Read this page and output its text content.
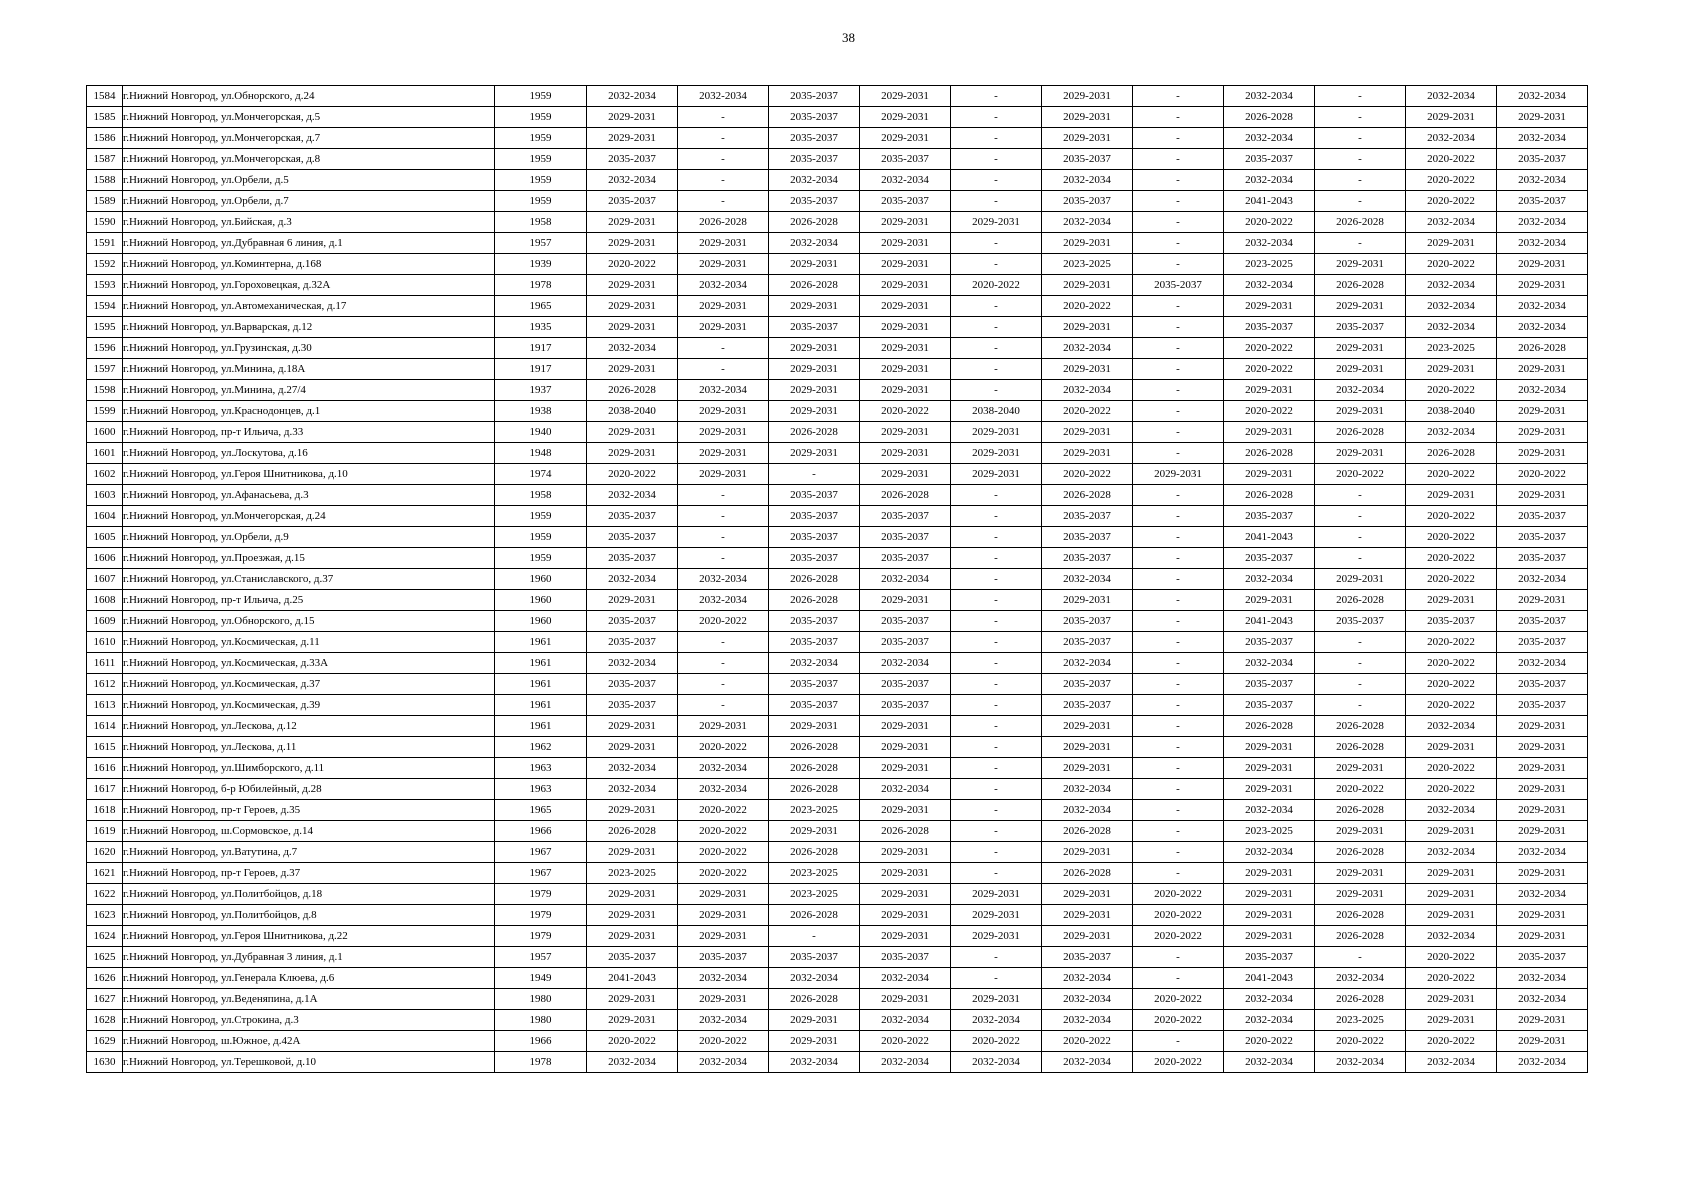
38
1584	г.Нижний Новгород, ул.Обнорского, д.24	1959	2032-2034	2032-2034	2035-2037	2029-2031	-	2029-2031	-	2032-2034	-	2032-2034	2032-2034
1585	г.Нижний Новгород, ул.Мончегорская, д.5	1959	2029-2031	-	2035-2037	2029-2031	-	2029-2031	-	2026-2028	-	2029-2031	2029-2031
1586	г.Нижний Новгород, ул.Мончегорская, д.7	1959	2029-2031	-	2035-2037	2029-2031	-	2029-2031	-	2032-2034	-	2032-2034	2032-2034
1587	г.Нижний Новгород, ул.Мончегорская, д.8	1959	2035-2037	-	2035-2037	2035-2037	-	2035-2037	-	2035-2037	-	2020-2022	2035-2037
1588	г.Нижний Новгород, ул.Орбели, д.5	1959	2032-2034	-	2032-2034	2032-2034	-	2032-2034	-	2032-2034	-	2020-2022	2032-2034
1589	г.Нижний Новгород, ул.Орбели, д.7	1959	2035-2037	-	2035-2037	2035-2037	-	2035-2037	-	2041-2043	-	2020-2022	2035-2037
1590	г.Нижний Новгород, ул.Бийская, д.3	1958	2029-2031	2026-2028	2026-2028	2029-2031	2029-2031	2032-2034	-	2020-2022	2026-2028	2032-2034	2032-2034
1591	г.Нижний Новгород, ул.Дубравная 6 линия, д.1	1957	2029-2031	2029-2031	2032-2034	2029-2031	-	2029-2031	-	2032-2034	-	2029-2031	2032-2034
1592	г.Нижний Новгород, ул.Коминтерна, д.168	1939	2020-2022	2029-2031	2029-2031	2029-2031	-	2023-2025	-	2023-2025	2029-2031	2020-2022	2029-2031
1593	г.Нижний Новгород, ул.Гороховецкая, д.32А	1978	2029-2031	2032-2034	2026-2028	2029-2031	2020-2022	2029-2031	2035-2037	2032-2034	2026-2028	2032-2034	2029-2031
1594	г.Нижний Новгород, ул.Автомеханическая, д.17	1965	2029-2031	2029-2031	2029-2031	2029-2031	-	2020-2022	-	2029-2031	2029-2031	2032-2034	2032-2034
1595	г.Нижний Новгород, ул.Варварская, д.12	1935	2029-2031	2029-2031	2035-2037	2029-2031	-	2029-2031	-	2035-2037	2035-2037	2032-2034	2032-2034
1596	г.Нижний Новгород, ул.Грузинская, д.30	1917	2032-2034	-	2029-2031	2029-2031	-	2032-2034	-	2020-2022	2029-2031	2023-2025	2026-2028
1597	г.Нижний Новгород, ул.Минина, д.18А	1917	2029-2031	-	2029-2031	2029-2031	-	2029-2031	-	2020-2022	2029-2031	2029-2031	2029-2031
1598	г.Нижний Новгород, ул.Минина, д.27/4	1937	2026-2028	2032-2034	2029-2031	2029-2031	-	2032-2034	-	2029-2031	2032-2034	2020-2022	2032-2034
1599	г.Нижний Новгород, ул.Краснодонцев, д.1	1938	2038-2040	2029-2031	2029-2031	2020-2022	2038-2040	2020-2022	-	2020-2022	2029-2031	2038-2040	2029-2031
1600	г.Нижний Новгород, пр-т Ильича, д.33	1940	2029-2031	2029-2031	2026-2028	2029-2031	2029-2031	2029-2031	-	2029-2031	2026-2028	2032-2034	2029-2031
1601	г.Нижний Новгород, ул.Лоскутова, д.16	1948	2029-2031	2029-2031	2029-2031	2029-2031	2029-2031	2029-2031	-	2026-2028	2029-2031	2026-2028	2029-2031
1602	г.Нижний Новгород, ул.Героя Шнитникова, д.10	1974	2020-2022	2029-2031	-	2029-2031	2029-2031	2020-2022	2029-2031	2029-2031	2020-2022	2020-2022	2020-2022
1603	г.Нижний Новгород, ул.Афанасьева, д.3	1958	2032-2034	-	2035-2037	2026-2028	-	2026-2028	-	2026-2028	-	2029-2031	2029-2031
1604	г.Нижний Новгород, ул.Мончегорская, д.24	1959	2035-2037	-	2035-2037	2035-2037	-	2035-2037	-	2035-2037	-	2020-2022	2035-2037
1605	г.Нижний Новгород, ул.Орбели, д.9	1959	2035-2037	-	2035-2037	2035-2037	-	2035-2037	-	2041-2043	-	2020-2022	2035-2037
1606	г.Нижний Новгород, ул.Проезжая, д.15	1959	2035-2037	-	2035-2037	2035-2037	-	2035-2037	-	2035-2037	-	2020-2022	2035-2037
1607	г.Нижний Новгород, ул.Станиславского, д.37	1960	2032-2034	2032-2034	2026-2028	2032-2034	-	2032-2034	-	2032-2034	2029-2031	2020-2022	2032-2034
1608	г.Нижний Новгород, пр-т Ильича, д.25	1960	2029-2031	2032-2034	2026-2028	2029-2031	-	2029-2031	-	2029-2031	2026-2028	2029-2031	2029-2031
1609	г.Нижний Новгород, ул.Обнорского, д.15	1960	2035-2037	2020-2022	2035-2037	2035-2037	-	2035-2037	-	2041-2043	2035-2037	2035-2037	2035-2037
1610	г.Нижний Новгород, ул.Космическая, д.11	1961	2035-2037	-	2035-2037	2035-2037	-	2035-2037	-	2035-2037	-	2020-2022	2035-2037
1611	г.Нижний Новгород, ул.Космическая, д.33А	1961	2032-2034	-	2032-2034	2032-2034	-	2032-2034	-	2032-2034	-	2020-2022	2032-2034
1612	г.Нижний Новгород, ул.Космическая, д.37	1961	2035-2037	-	2035-2037	2035-2037	-	2035-2037	-	2035-2037	-	2020-2022	2035-2037
1613	г.Нижний Новгород, ул.Космическая, д.39	1961	2035-2037	-	2035-2037	2035-2037	-	2035-2037	-	2035-2037	-	2020-2022	2035-2037
1614	г.Нижний Новгород, ул.Лескова, д.12	1961	2029-2031	2029-2031	2029-2031	2029-2031	-	2029-2031	-	2026-2028	2026-2028	2032-2034	2029-2031
1615	г.Нижний Новгород, ул.Лескова, д.11	1962	2029-2031	2020-2022	2026-2028	2029-2031	-	2029-2031	-	2029-2031	2026-2028	2029-2031	2029-2031
1616	г.Нижний Новгород, ул.Шимборского, д.11	1963	2032-2034	2032-2034	2026-2028	2029-2031	-	2029-2031	-	2029-2031	2029-2031	2020-2022	2029-2031
1617	г.Нижний Новгород, б-р Юбилейный, д.28	1963	2032-2034	2032-2034	2026-2028	2032-2034	-	2032-2034	-	2029-2031	2020-2022	2020-2022	2029-2031
1618	г.Нижний Новгород, пр-т Героев, д.35	1965	2029-2031	2020-2022	2023-2025	2029-2031	-	2032-2034	-	2032-2034	2026-2028	2032-2034	2029-2031
1619	г.Нижний Новгород, ш.Сормовское, д.14	1966	2026-2028	2020-2022	2029-2031	2026-2028	-	2026-2028	-	2023-2025	2029-2031	2029-2031	2029-2031
1620	г.Нижний Новгород, ул.Ватутина, д.7	1967	2029-2031	2020-2022	2026-2028	2029-2031	-	2029-2031	-	2032-2034	2026-2028	2032-2034	2032-2034
1621	г.Нижний Новгород, пр-т Героев, д.37	1967	2023-2025	2020-2022	2023-2025	2029-2031	-	2026-2028	-	2029-2031	2029-2031	2029-2031	2029-2031
1622	г.Нижний Новгород, ул.Политбойцов, д.18	1979	2029-2031	2029-2031	2023-2025	2029-2031	2029-2031	2029-2031	2020-2022	2029-2031	2029-2031	2029-2031	2032-2034
1623	г.Нижний Новгород, ул.Политбойцов, д.8	1979	2029-2031	2029-2031	2026-2028	2029-2031	2029-2031	2029-2031	2020-2022	2029-2031	2026-2028	2029-2031	2029-2031
1624	г.Нижний Новгород, ул.Героя Шнитникова, д.22	1979	2029-2031	2029-2031	-	2029-2031	2029-2031	2029-2031	2020-2022	2029-2031	2026-2028	2032-2034	2029-2031
1625	г.Нижний Новгород, ул.Дубравная 3 линия, д.1	1957	2035-2037	2035-2037	2035-2037	2035-2037	-	2035-2037	-	2035-2037	-	2020-2022	2035-2037
1626	г.Нижний Новгород, ул.Генерала Клюева, д.6	1949	2041-2043	2032-2034	2032-2034	2032-2034	-	2032-2034	-	2041-2043	2032-2034	2020-2022	2032-2034
1627	г.Нижний Новгород, ул.Веденяпина, д.1А	1980	2029-2031	2029-2031	2026-2028	2029-2031	2029-2031	2032-2034	2020-2022	2032-2034	2026-2028	2029-2031	2032-2034
1628	г.Нижний Новгород, ул.Строкина, д.3	1980	2029-2031	2032-2034	2029-2031	2032-2034	2032-2034	2032-2034	2020-2022	2032-2034	2023-2025	2029-2031	2029-2031
1629	г.Нижний Новгород, ш.Южное, д.42А	1966	2020-2022	2020-2022	2029-2031	2020-2022	2020-2022	2020-2022	-	2020-2022	2020-2022	2020-2022	2029-2031
1630	г.Нижний Новгород, ул.Терешковой, д.10	1978	2032-2034	2032-2034	2032-2034	2032-2034	2032-2034	2032-2034	2020-2022	2032-2034	2032-2034	2032-2034	2032-2034
